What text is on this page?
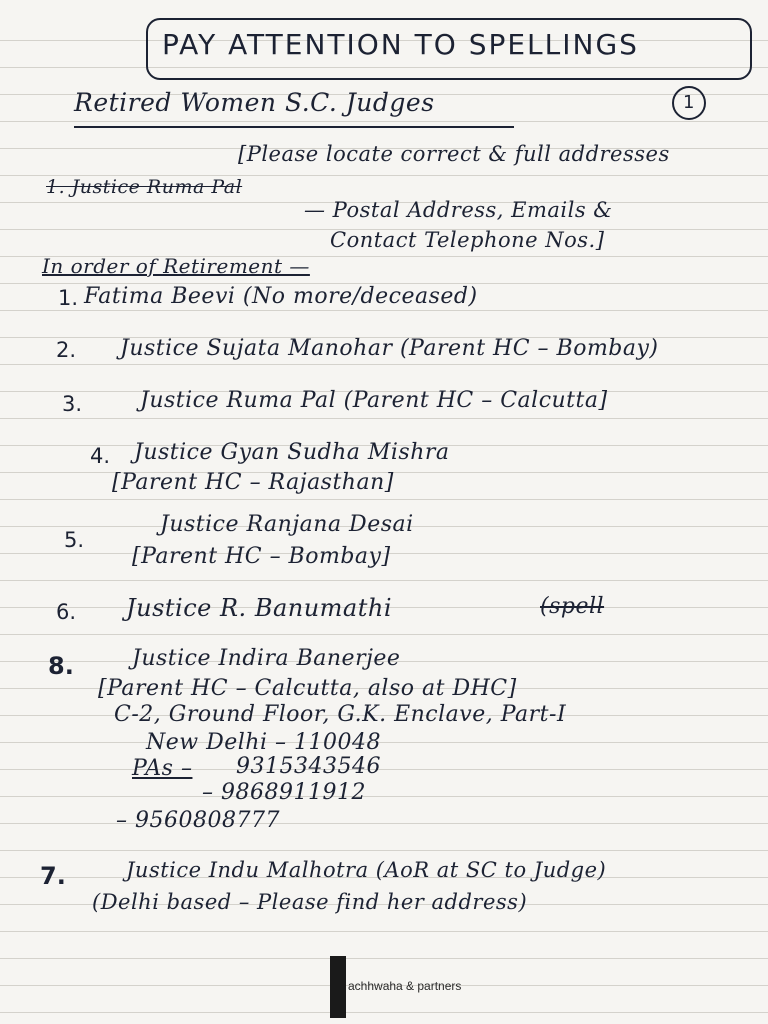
PAY ATTENTION TO SPELLINGS
Retired Women S.C. Judges	1
[Please locate correct & full addresses
1. Justice Ruma Pal
— Postal Address, Emails &
Contact Telephone Nos.]
In order of Retirement —
1. Fatima Beevi (No more/deceased)
2. Justice Sujata Manohar (Parent HC – Bombay)
3.	Justice Ruma Pal (Parent HC – Calcutta]
4. Justice Gyan Sudha Mishra
[Parent HC – Rajasthan]
5.
Justice Ranjana Desai
[Parent HC – Bombay]
6. Justice R. Banumathi	(spell
8.	Justice Indira Banerjee
[Parent HC – Calcutta, also at DHC]
C-2, Ground Floor, G.K. Enclave, Part-I
New Delhi – 110048
PAs – 9315343546
– 9868911912
– 9560808777
7.	Justice Indu Malhotra (AoR at SC to Judge)
(Delhi based – Please find her address)
achhwaha & partners
